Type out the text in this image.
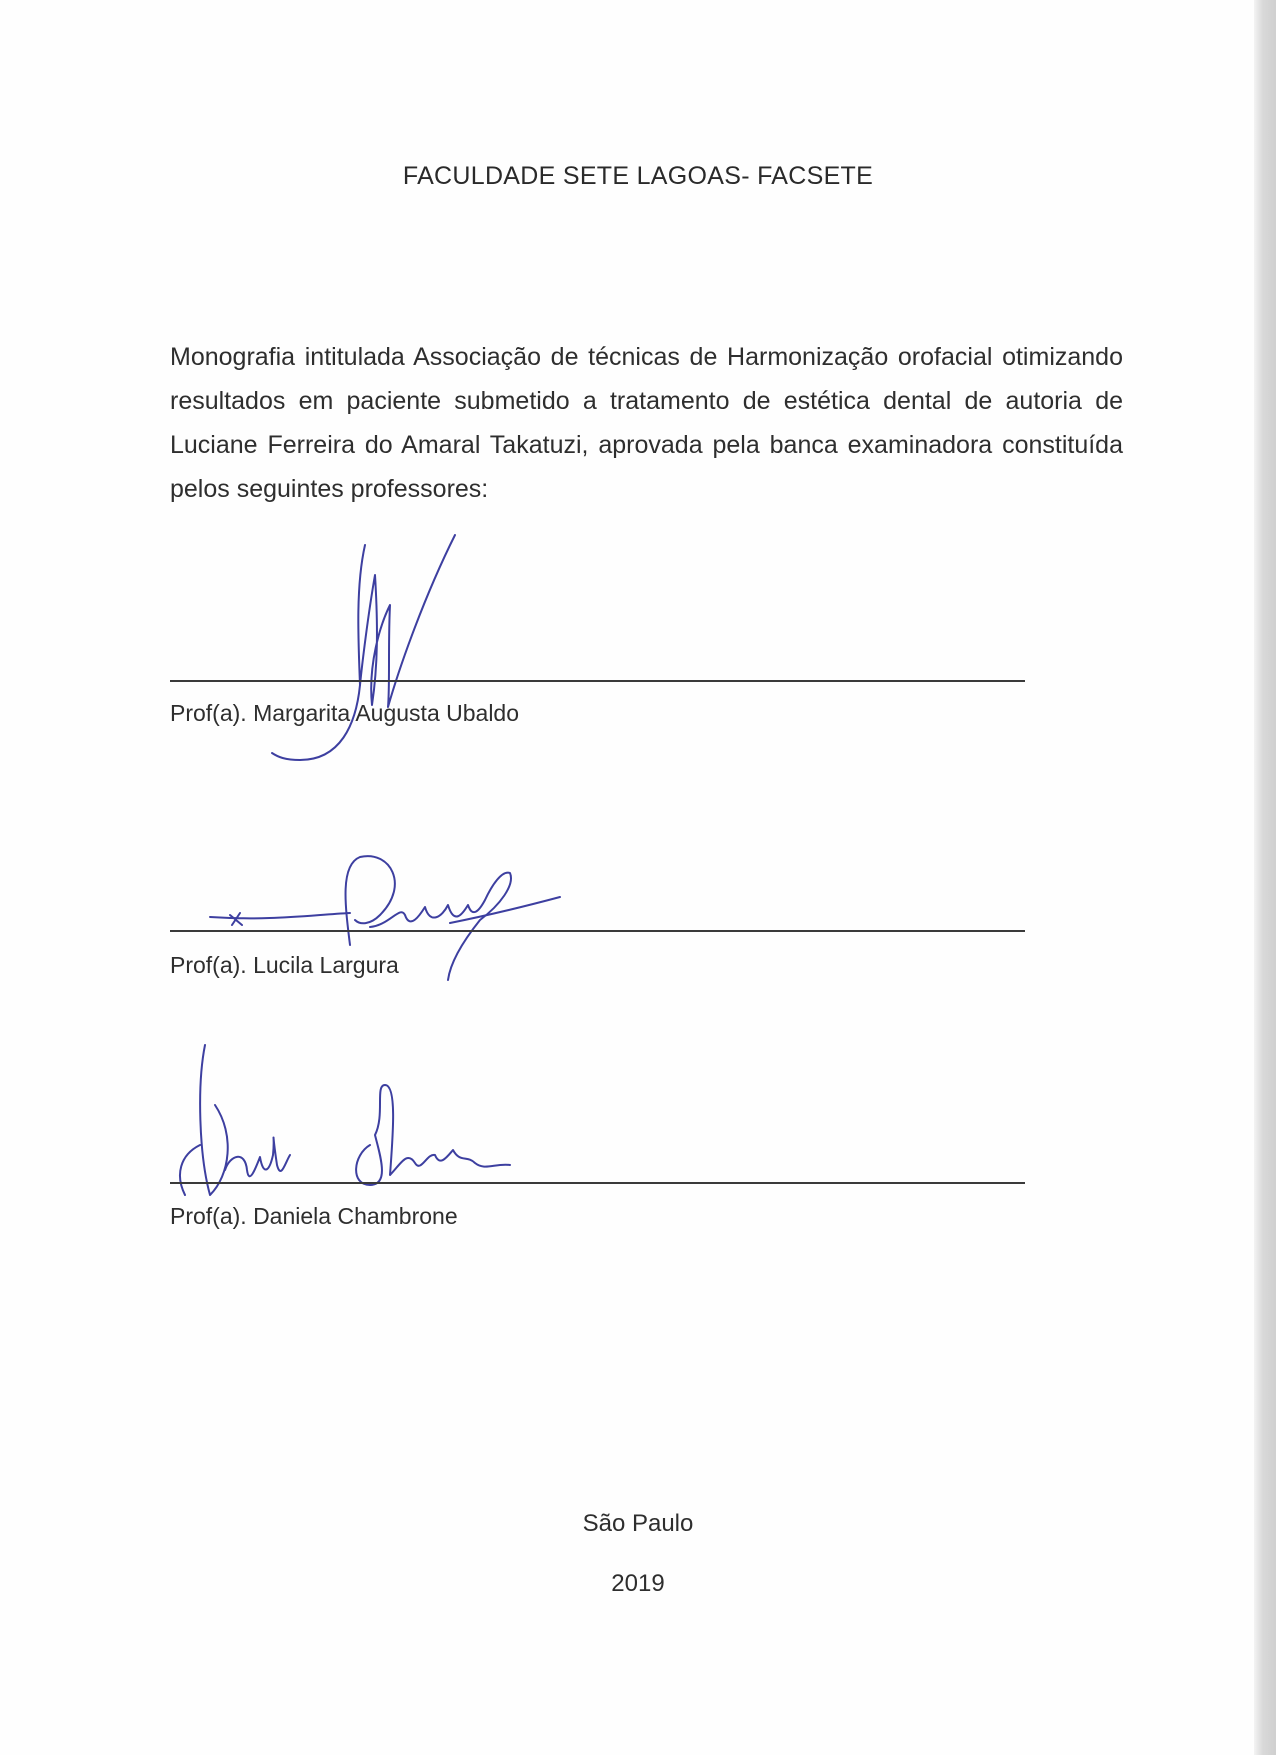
FACULDADE SETE LAGOAS- FACSETE
Monografia intitulada Associação de técnicas de Harmonização orofacial otimizando resultados em paciente submetido a tratamento de estética dental de autoria de Luciane Ferreira do Amaral Takatuzi, aprovada pela banca examinadora constituída pelos seguintes professores:
Prof(a). Margarita Augusta Ubaldo
Prof(a). Lucila Largura
Prof(a). Daniela Chambrone
São Paulo
2019
